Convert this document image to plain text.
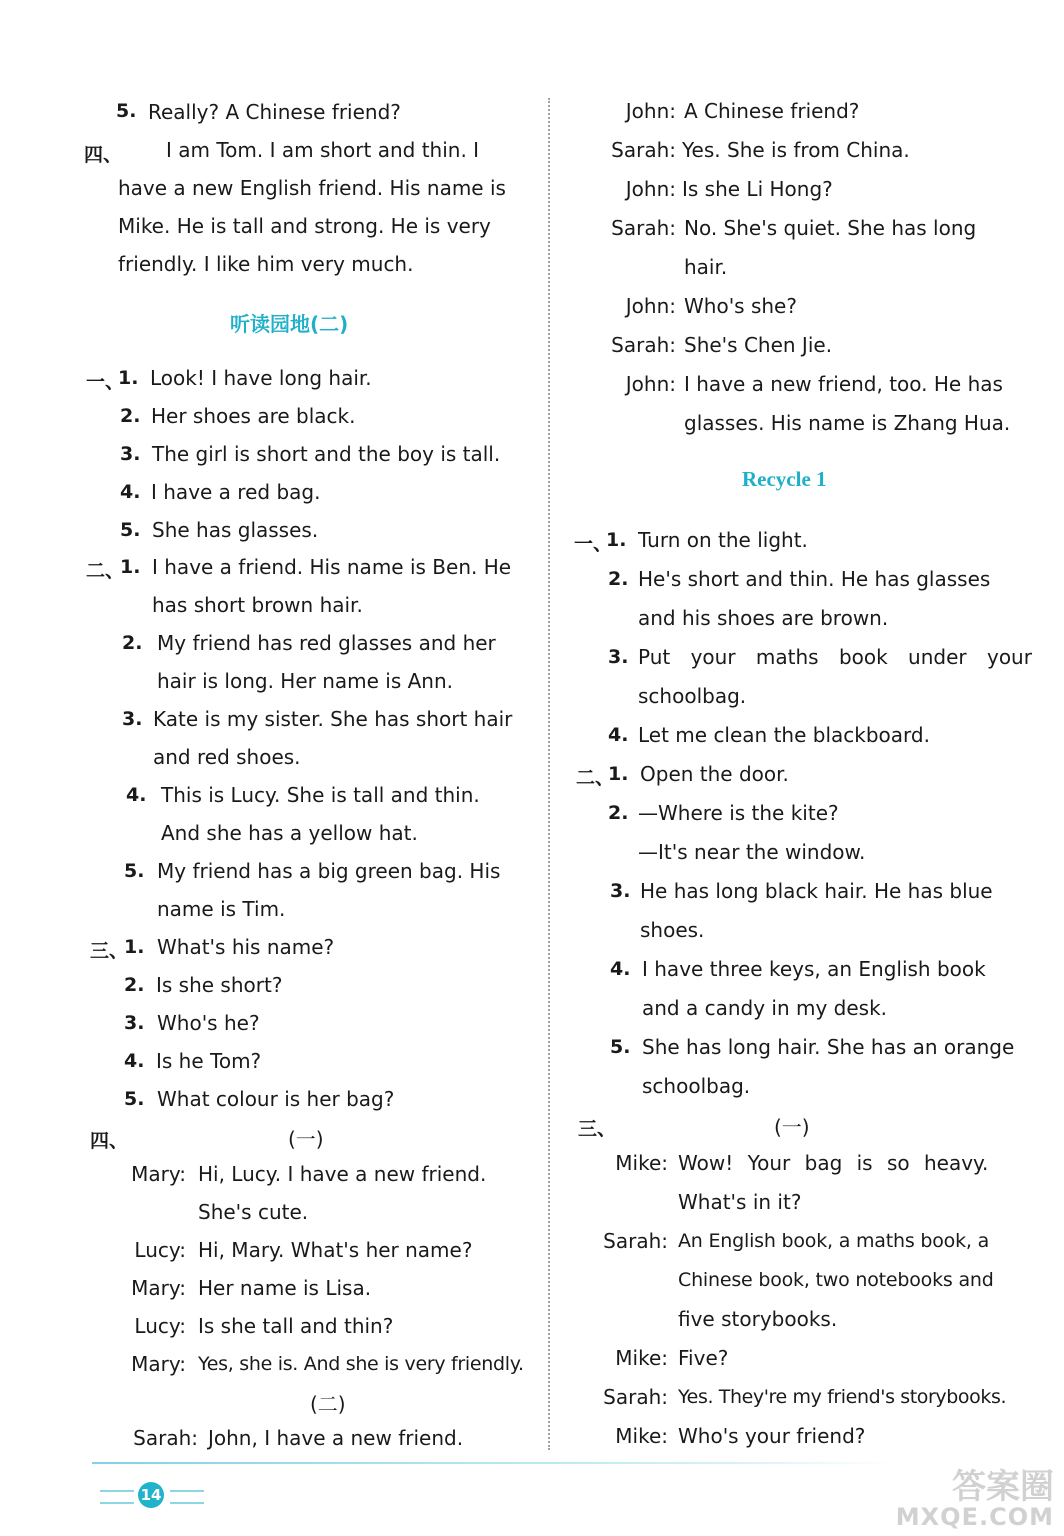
5. Really? A Chinese friend?
四、 I am Tom. I am short and thin. I
have a new English friend. His name is
Mike. He is tall and strong. He is very
friendly. I like him very much.
听读园地(二)
一、
1. Look! I have long hair.
2. Her shoes are black.
3. The girl is short and the boy is tall.
4. I have a red bag.
5. She has glasses.
二、
1. I have a friend. His name is Ben. He
has short brown hair.
2. My friend has red glasses and her
hair is long. Her name is Ann.
3. Kate is my sister. She has short hair
and red shoes.
4. This is Lucy. She is tall and thin.
And she has a yellow hat.
5. My friend has a big green bag. His
name is Tim.
三、
1. What's his name?
2. Is she short?
3. Who's he?
4. Is he Tom?
5. What colour is her bag?
四、	(一)
Mary: Hi, Lucy. I have a new friend.
She's cute.
Lucy: Hi, Mary. What's her name?
Mary: Her name is Lisa.
Lucy: Is she tall and thin?
Mary: Yes, she is. And she is very friendly.
(二)
Sarah: John, I have a new friend.
John: A Chinese friend?
Sarah: Yes. She is from China.
John: Is she Li Hong?
Sarah: No. She's quiet. She has long
hair.
John: Who's she?
Sarah: She's Chen Jie.
John: I have a new friend, too. He has
glasses. His name is Zhang Hua.
Recycle 1
一、
1. Turn on the light.
2. He's short and thin. He has glasses
and his shoes are brown.
3. Put your maths book under your
schoolbag.
4. Let me clean the blackboard.
二、
1. Open the door.
2. —Where is the kite?
—It's near the window.
3. He has long black hair. He has blue
shoes.
4. I have three keys, an English book
and a candy in my desk.
5. She has long hair. She has an orange
schoolbag.
三、	(一)
Mike: Wow! Your bag is so heavy.
What's in it?
Sarah: An English book, a maths book, a
Chinese book, two notebooks and
five storybooks.
Mike: Five?
Sarah: Yes. They're my friend's storybooks.
Mike: Who's your friend?
14	答案圈
MXQE.COM
